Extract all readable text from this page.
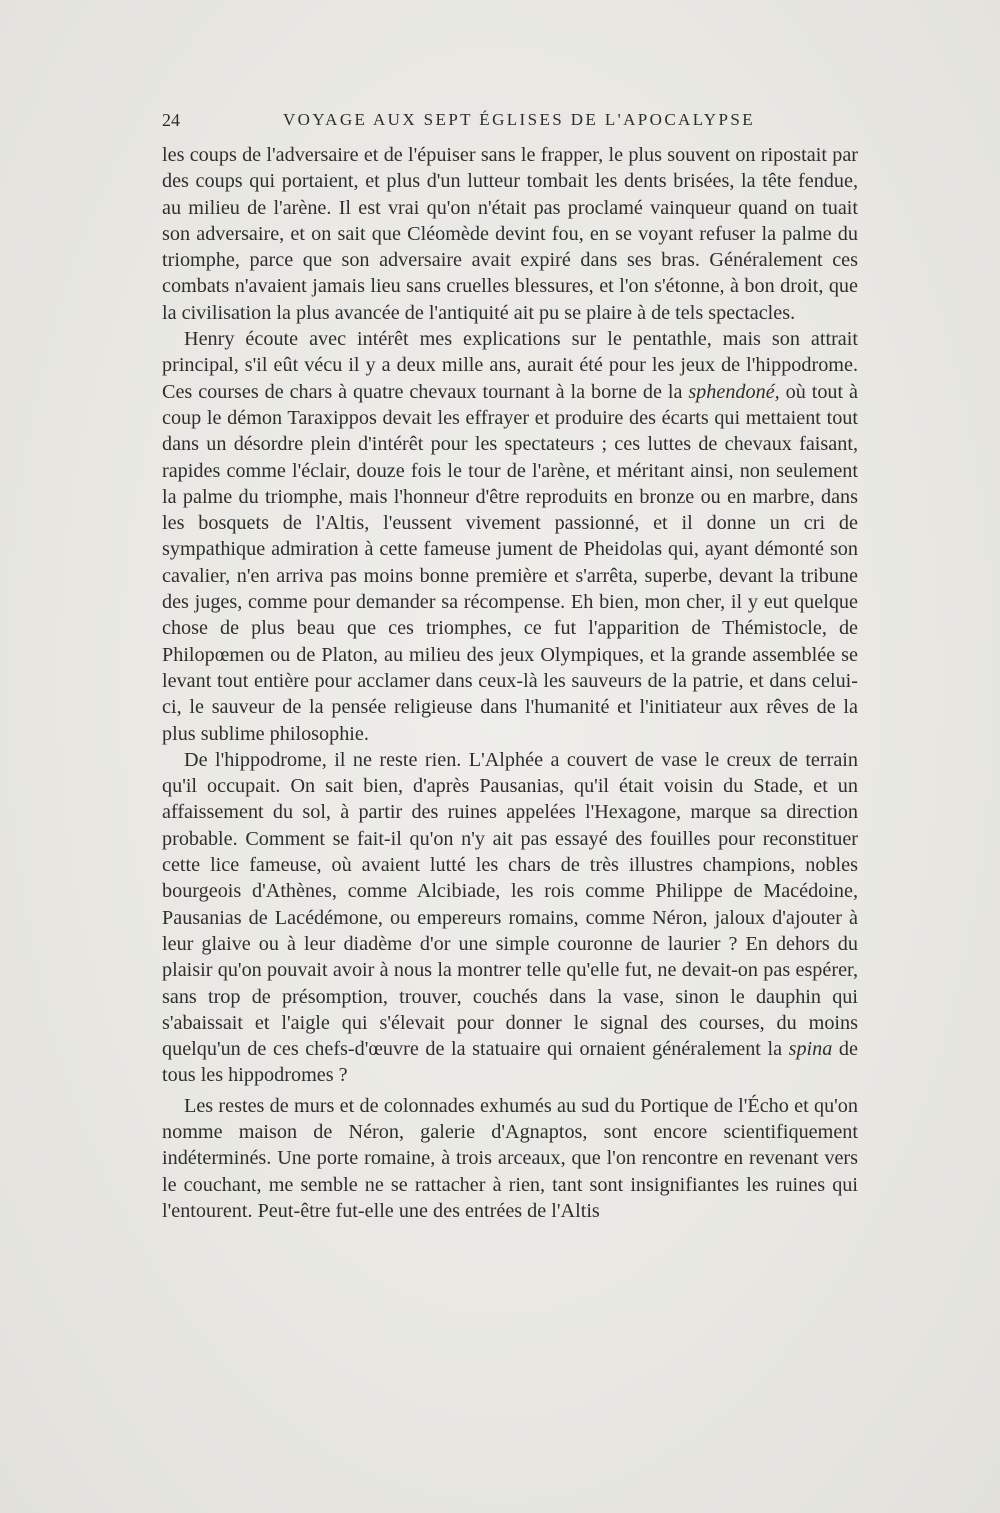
24	VOYAGE AUX SEPT ÉGLISES DE L'APOCALYPSE

les coups de l'adversaire et de l'épuiser sans le frapper, le plus souvent on ripostait par des coups qui portaient, et plus d'un lutteur tombait les dents brisées, la tête fendue, au milieu de l'arène. Il est vrai qu'on n'était pas proclamé vainqueur quand on tuait son adversaire, et on sait que Cléomède devint fou, en se voyant refuser la palme du triomphe, parce que son adversaire avait expiré dans ses bras. Généralement ces combats n'avaient jamais lieu sans cruelles blessures, et l'on s'étonne, à bon droit, que la civilisation la plus avancée de l'antiquité ait pu se plaire à de tels spectacles.

Henry écoute avec intérêt mes explications sur le pentathle, mais son attrait principal, s'il eût vécu il y a deux mille ans, aurait été pour les jeux de l'hippodrome. Ces courses de chars à quatre chevaux tournant à la borne de la sphendoné, où tout à coup le démon Taraxippos devait les effrayer et produire des écarts qui mettaient tout dans un désordre plein d'intérêt pour les spectateurs ; ces luttes de chevaux faisant, rapides comme l'éclair, douze fois le tour de l'arène, et méritant ainsi, non seulement la palme du triomphe, mais l'honneur d'être reproduits en bronze ou en marbre, dans les bosquets de l'Altis, l'eussent vivement passionné, et il donne un cri de sympathique admiration à cette fameuse jument de Pheidolas qui, ayant démonté son cavalier, n'en arriva pas moins bonne première et s'arrêta, superbe, devant la tribune des juges, comme pour demander sa récompense. Eh bien, mon cher, il y eut quelque chose de plus beau que ces triomphes, ce fut l'apparition de Thémistocle, de Philopœmen ou de Platon, au milieu des jeux Olympiques, et la grande assemblée se levant tout entière pour acclamer dans ceux-là les sauveurs de la patrie, et dans celui-ci, le sauveur de la pensée religieuse dans l'humanité et l'initiateur aux rêves de la plus sublime philosophie.

De l'hippodrome, il ne reste rien. L'Alphée a couvert de vase le creux de terrain qu'il occupait. On sait bien, d'après Pausanias, qu'il était voisin du Stade, et un affaissement du sol, à partir des ruines appelées l'Hexagone, marque sa direction probable. Comment se fait-il qu'on n'y ait pas essayé des fouilles pour reconstituer cette lice fameuse, où avaient lutté les chars de très illustres champions, nobles bourgeois d'Athènes, comme Alcibiade, les rois comme Philippe de Macédoine, Pausanias de Lacédémone, ou empereurs romains, comme Néron, jaloux d'ajouter à leur glaive ou à leur diadème d'or une simple couronne de laurier ? En dehors du plaisir qu'on pouvait avoir à nous la montrer telle qu'elle fut, ne devait-on pas espérer, sans trop de présomption, trouver, couchés dans la vase, sinon le dauphin qui s'abaissait et l'aigle qui s'élevait pour donner le signal des courses, du moins quelqu'un de ces chefs-d'œuvre de la statuaire qui ornaient généralement la spina de tous les hippodromes ?

Les restes de murs et de colonnades exhumés au sud du Portique de l'Écho et qu'on nomme maison de Néron, galerie d'Agnaptos, sont encore scientifiquement indéterminés. Une porte romaine, à trois arceaux, que l'on rencontre en revenant vers le couchant, me semble ne se rattacher à rien, tant sont insignifiantes les ruines qui l'entourent. Peut-être fut-elle une des entrées de l'Altis
